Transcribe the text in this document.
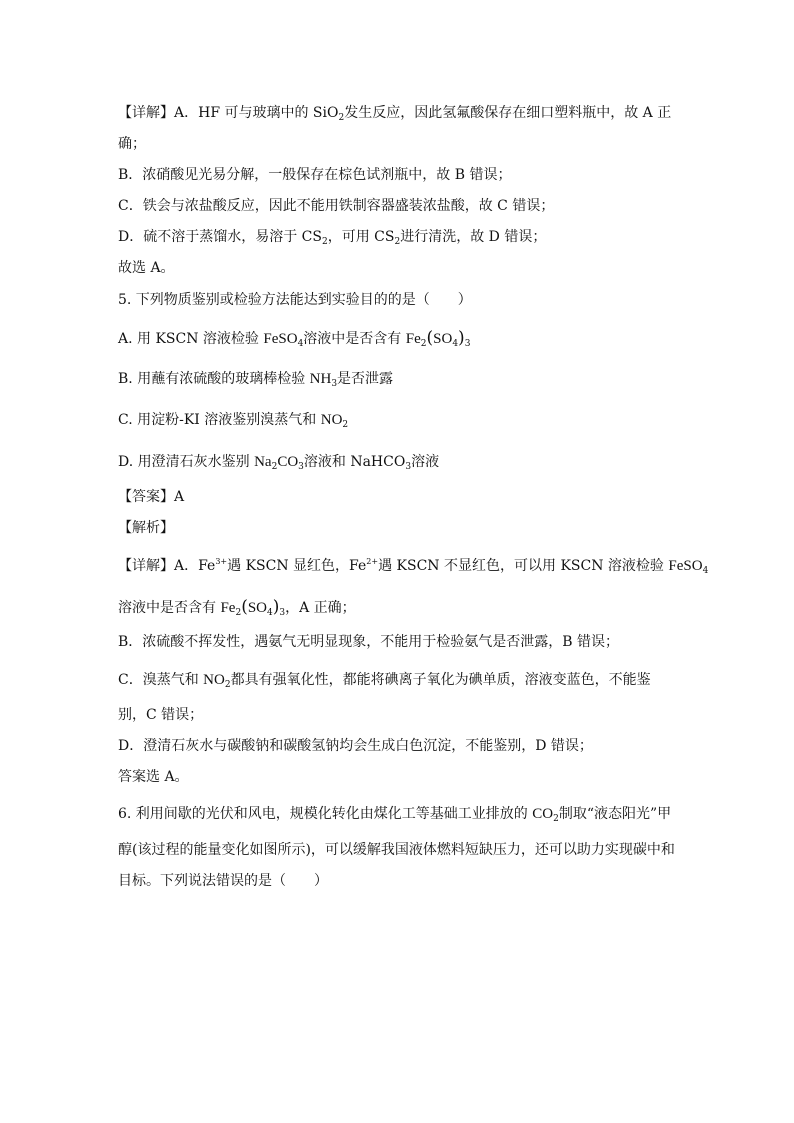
【详解】A．HF 可与玻璃中的 SiO$_2$发生反应，因此氢氟酸保存在细口塑料瓶中，故 A 正
确；
B．浓硝酸见光易分解，一般保存在棕色试剂瓶中，故 B 错误；
C．铁会与浓盐酸反应，因此不能用铁制容器盛装浓盐酸，故 C 错误；
D．硫不溶于蒸馏水，易溶于 $CS_2$，可用 $CS_2$进行清洗，故 D 错误；
故选 A。
5. 下列物质鉴别或检验方法能达到实验目的的是（　　）
A. 用 KSCN 溶液检验 FeSO$_4$溶液中是否含有 $Fe_2(SO_4)_3$
B. 用蘸有浓硫酸的玻璃棒检验 $NH_3$是否泄露
C. 用淀粉-KI 溶液鉴别溴蒸气和 $NO_2$
D. 用澄清石灰水鉴别 $Na_2CO_3$溶液和 NaHCO$_3$溶液
【答案】A
【解析】
【详解】A．$Fe^{3+}$遇 KSCN 显红色，$Fe^{2+}$遇 KSCN 不显红色，可以用 KSCN 溶液检验 FeSO$_4$
溶液中是否含有 $Fe_2(SO_4)_3$，A 正确；
B．浓硫酸不挥发性，遇氨气无明显现象，不能用于检验氨气是否泄露，B 错误；
C．溴蒸气和 $NO_2$都具有强氧化性，都能将碘离子氧化为碘单质，溶液变蓝色，不能鉴
别，C 错误；
D．澄清石灰水与碳酸钠和碳酸氢钠均会生成白色沉淀，不能鉴别，D 错误；
答案选 A。
6. 利用间歇的光伏和风电，规模化转化由煤化工等基础工业排放的 $CO_2$制取“液态阳光”甲
醇(该过程的能量变化如图所示)，可以缓解我国液体燃料短缺压力，还可以助力实现碳中和
目标。下列说法错误的是（　　）
